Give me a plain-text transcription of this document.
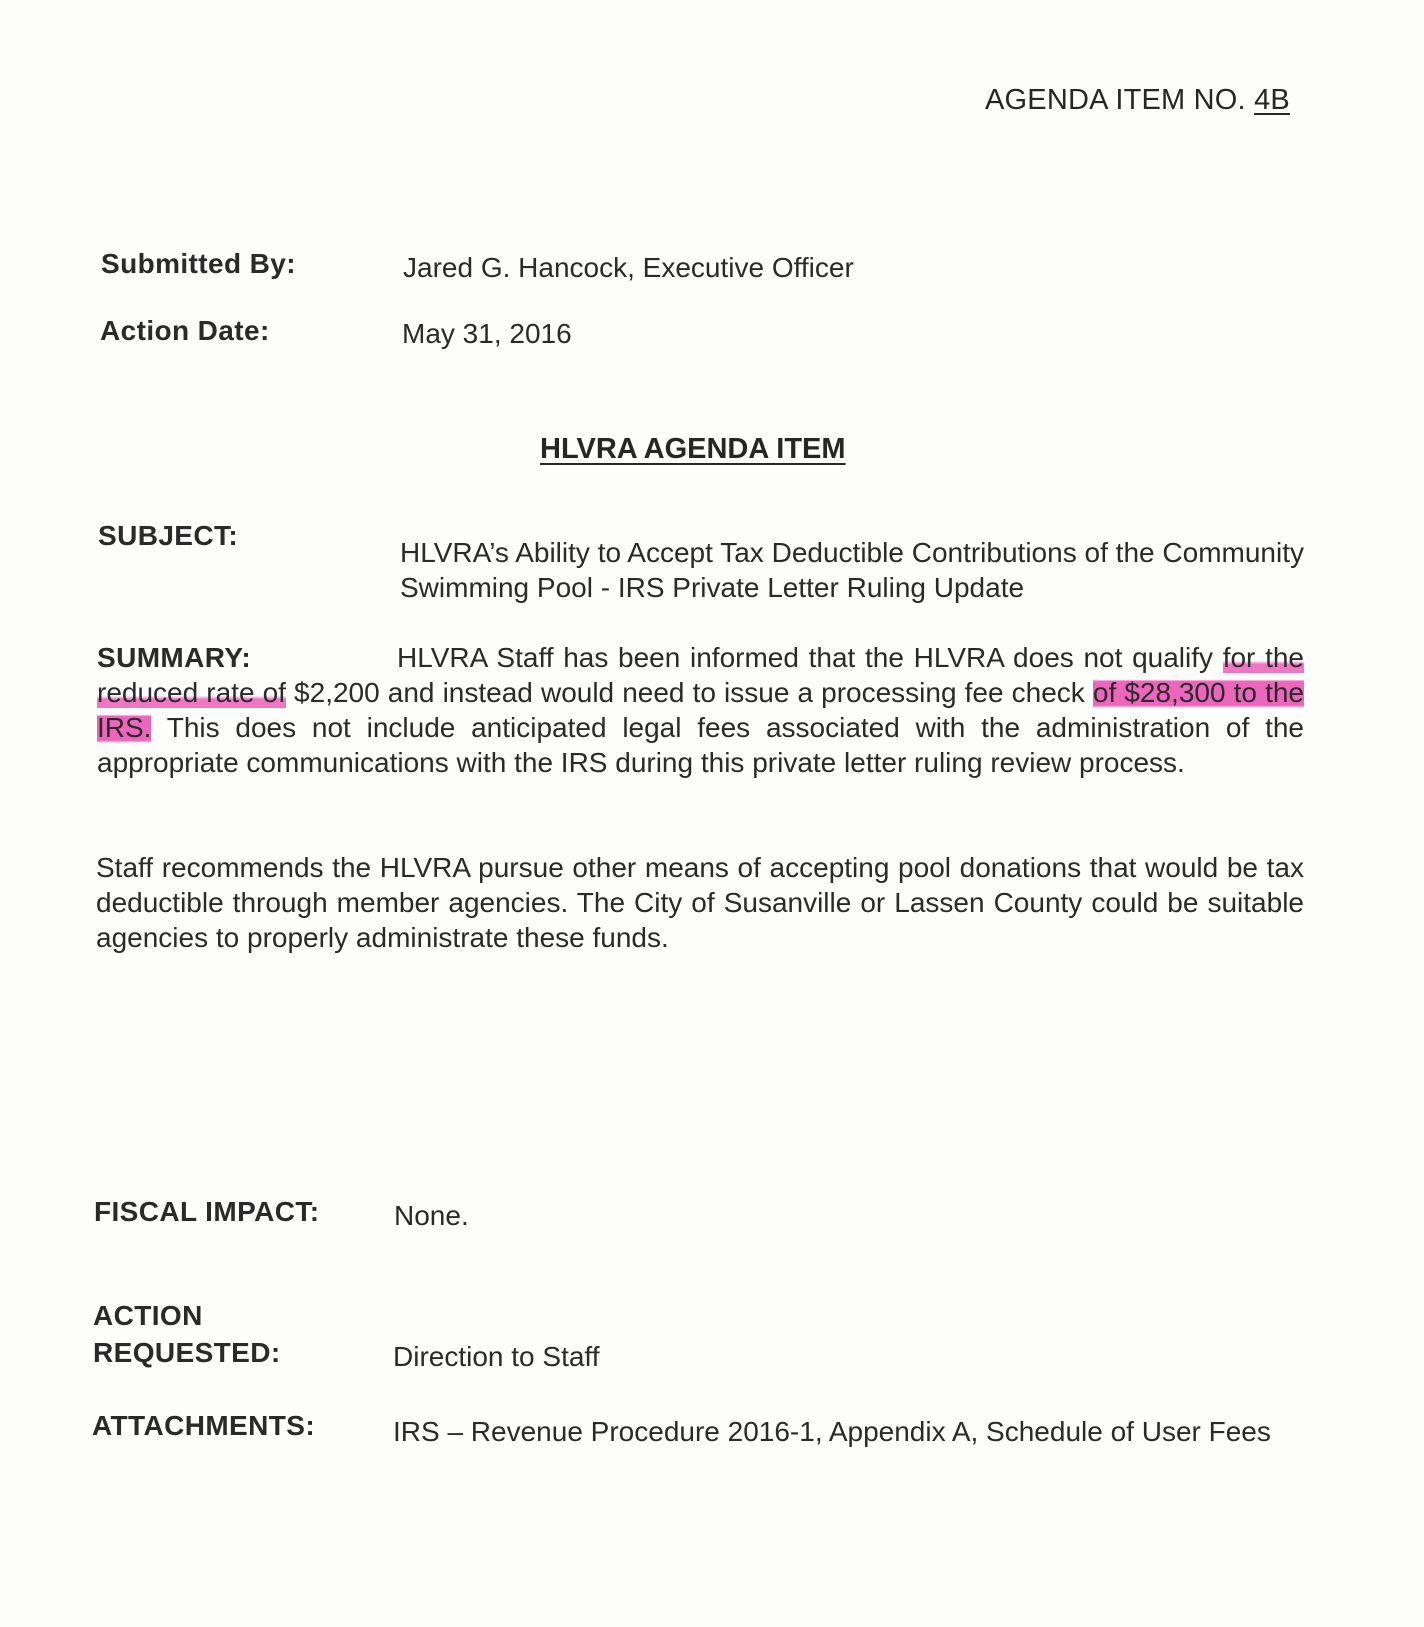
AGENDA ITEM NO. 4B
Submitted By:	Jared G. Hancock, Executive Officer
Action Date:	May 31, 2016
HLVRA AGENDA ITEM
SUBJECT:
HLVRA’s Ability to Accept Tax Deductible Contributions of the Community Swimming Pool - IRS Private Letter Ruling Update
SUMMARY:	HLVRA Staff has been informed that the HLVRA does not qualify for the reduced rate of $2,200 and instead would need to issue a processing fee check of $28,300 to the IRS. This does not include anticipated legal fees associated with the administration of the appropriate communications with the IRS during this private letter ruling review process.
Staff recommends the HLVRA pursue other means of accepting pool donations that would be tax deductible through member agencies. The City of Susanville or Lassen County could be suitable agencies to properly administrate these funds.
FISCAL IMPACT:	None.
ACTION
REQUESTED:	Direction to Staff
ATTACHMENTS:	IRS – Revenue Procedure 2016-1, Appendix A, Schedule of User Fees
